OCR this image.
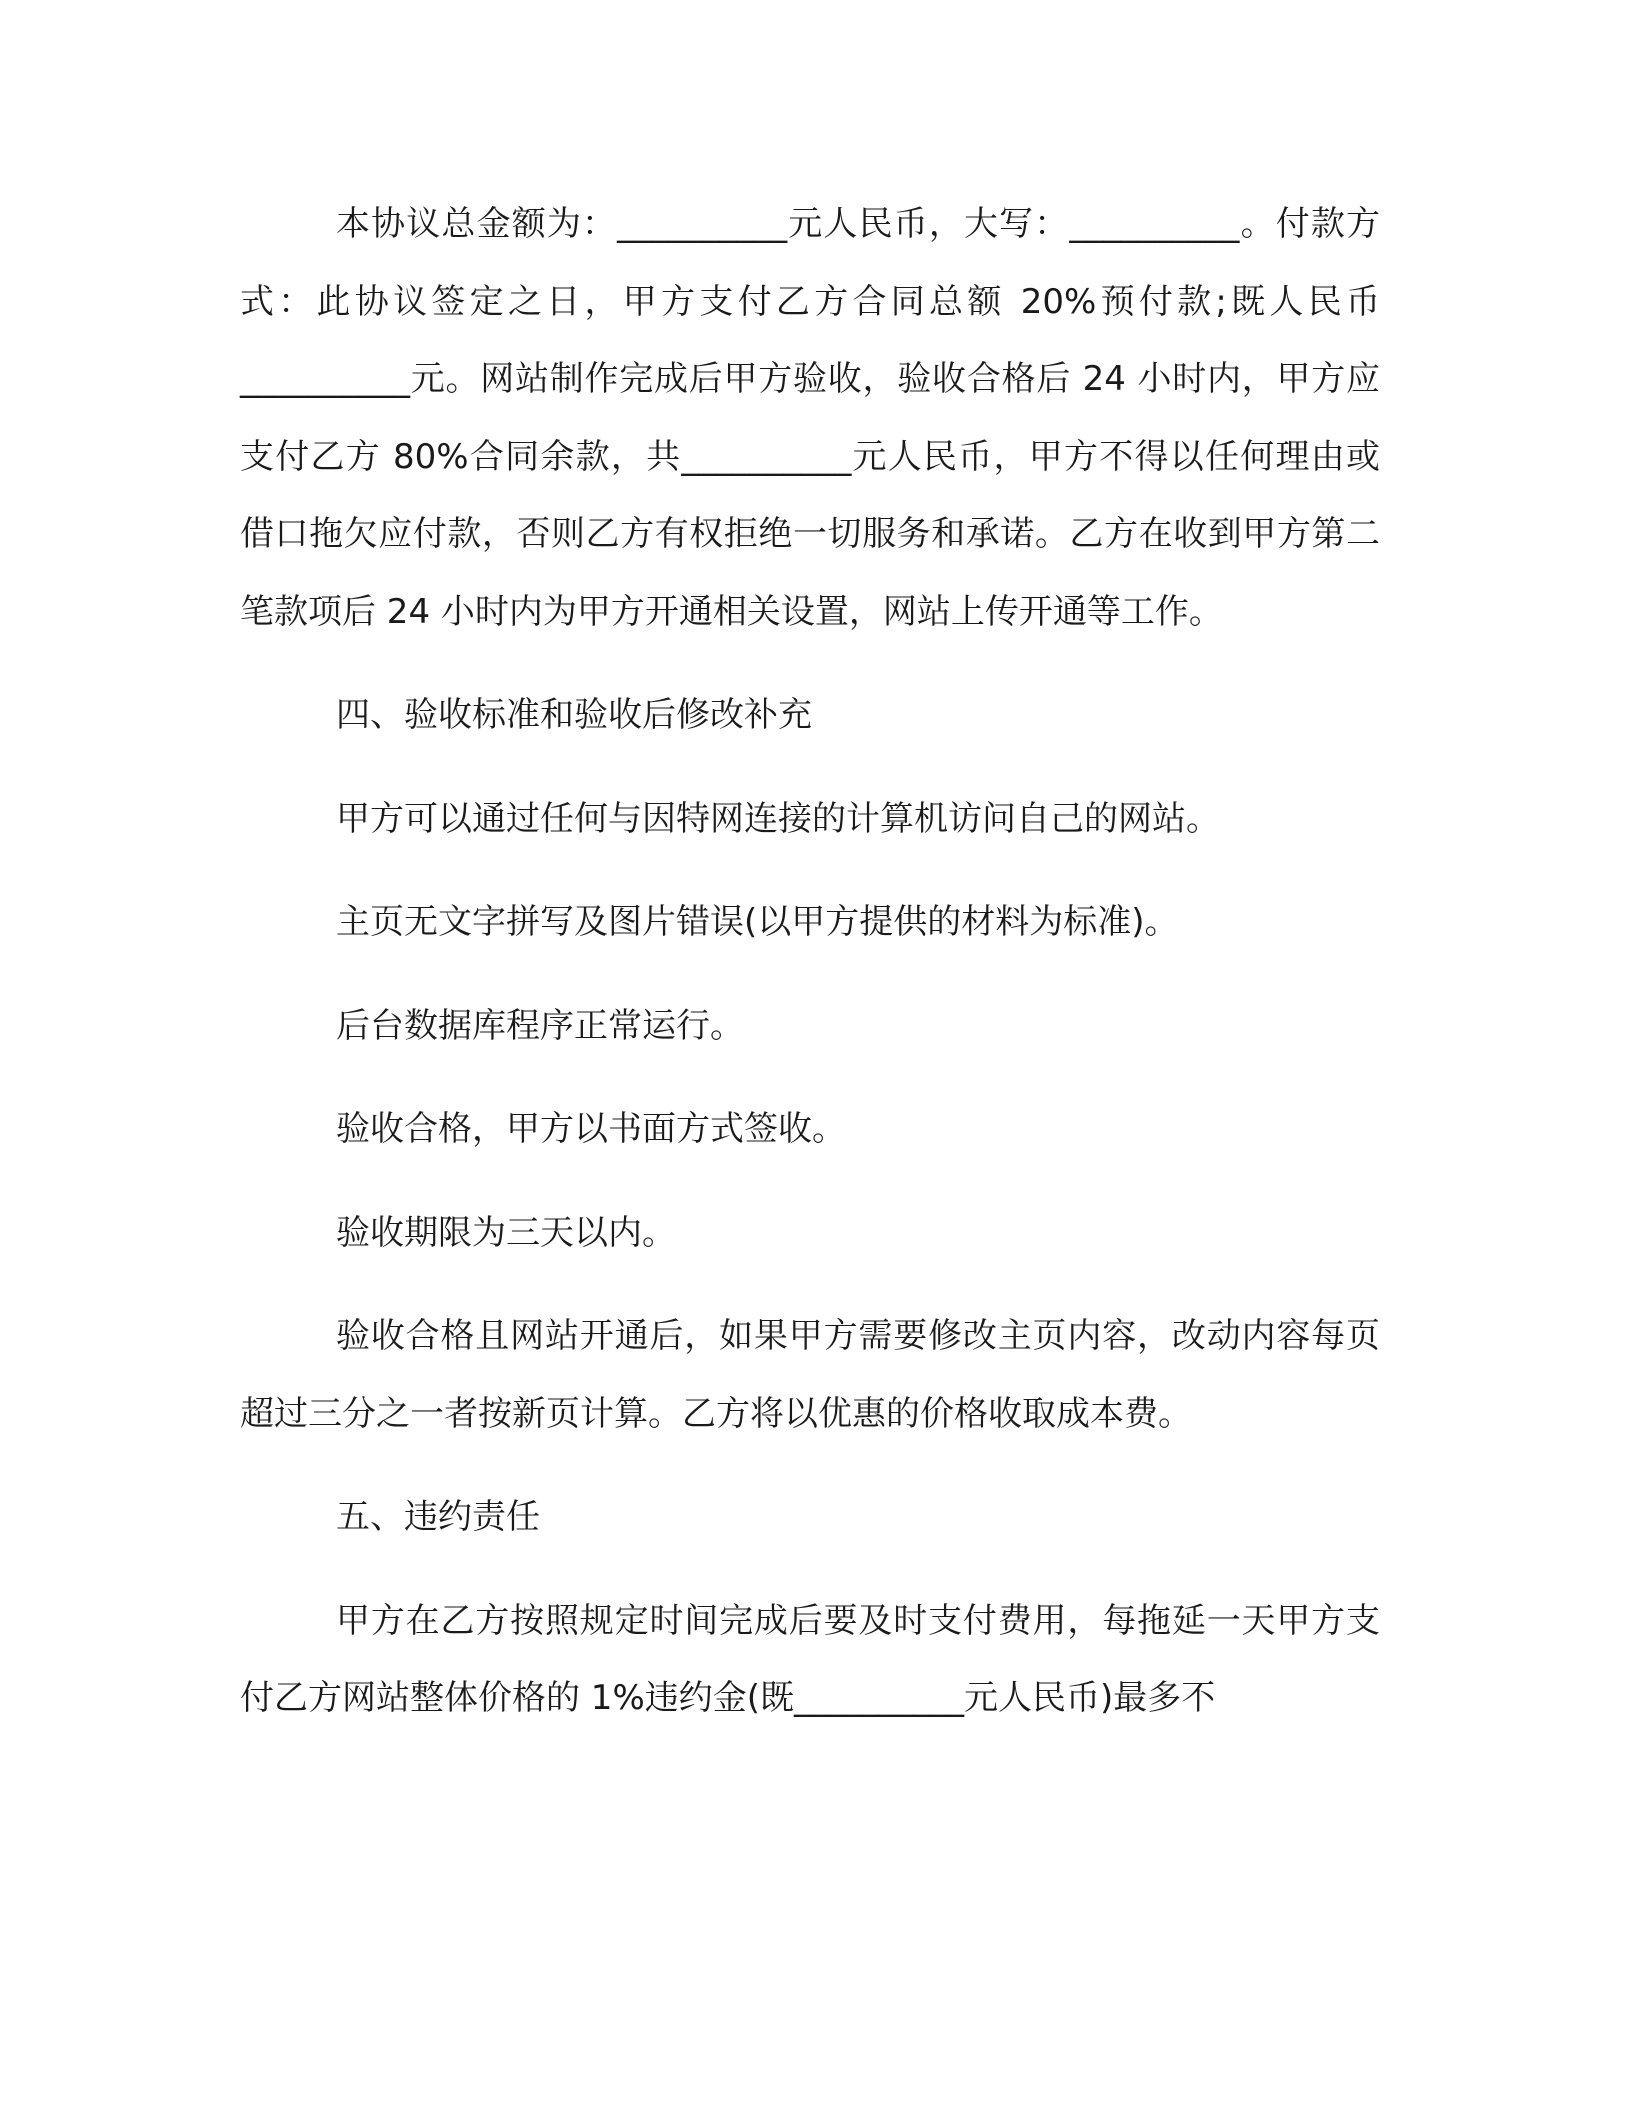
本协议总金额为：__________元人民币，大写：__________。付款方式：此协议签定之日，甲方支付乙方合同总额 20%预付款;既人民币__________元。网站制作完成后甲方验收，验收合格后 24 小时内，甲方应支付乙方 80%合同余款，共__________元人民币，甲方不得以任何理由或借口拖欠应付款，否则乙方有权拒绝一切服务和承诺。乙方在收到甲方第二笔款项后 24 小时内为甲方开通相关设置，网站上传开通等工作。

四、验收标准和验收后修改补充

甲方可以通过任何与因特网连接的计算机访问自己的网站。

主页无文字拼写及图片错误(以甲方提供的材料为标准)。

后台数据库程序正常运行。

验收合格，甲方以书面方式签收。

验收期限为三天以内。

验收合格且网站开通后，如果甲方需要修改主页内容，改动内容每页超过三分之一者按新页计算。乙方将以优惠的价格收取成本费。

五、违约责任

甲方在乙方按照规定时间完成后要及时支付费用，每拖延一天甲方支付乙方网站整体价格的 1%违约金(既__________元人民币)最多不
